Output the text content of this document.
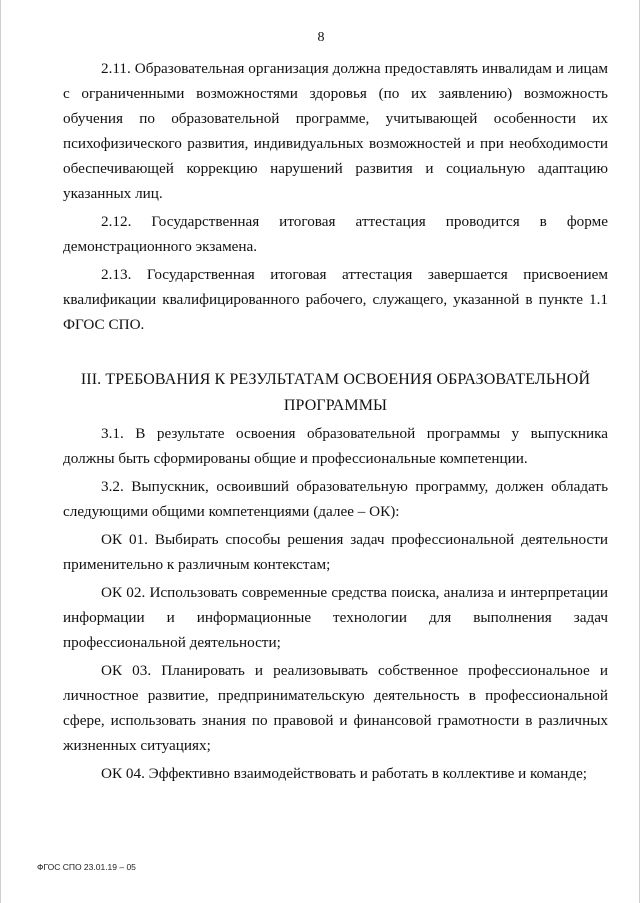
8

2.11. Образовательная организация должна предоставлять инвалидам и лицам с ограниченными возможностями здоровья (по их заявлению) возможность обучения по образовательной программе, учитывающей особенности их психофизического развития, индивидуальных возможностей и при необходимости обеспечивающей коррекцию нарушений развития и социальную адаптацию указанных лиц.

2.12. Государственная итоговая аттестация проводится в форме демонстрационного экзамена.

2.13. Государственная итоговая аттестация завершается присвоением квалификации квалифицированного рабочего, служащего, указанной в пункте 1.1 ФГОС СПО.

III. ТРЕБОВАНИЯ К РЕЗУЛЬТАТАМ ОСВОЕНИЯ ОБРАЗОВАТЕЛЬНОЙ ПРОГРАММЫ

3.1. В результате освоения образовательной программы у выпускника должны быть сформированы общие и профессиональные компетенции.

3.2. Выпускник, освоивший образовательную программу, должен обладать следующими общими компетенциями (далее – ОК):

ОК 01. Выбирать способы решения задач профессиональной деятельности применительно к различным контекстам;

ОК 02. Использовать современные средства поиска, анализа и интерпретации информации и информационные технологии для выполнения задач профессиональной деятельности;

ОК 03. Планировать и реализовывать собственное профессиональное и личностное развитие, предпринимательскую деятельность в профессиональной сфере, использовать знания по правовой и финансовой грамотности в различных жизненных ситуациях;

ОК 04. Эффективно взаимодействовать и работать в коллективе и команде;

ФГОС СПО 23.01.19 – 05
